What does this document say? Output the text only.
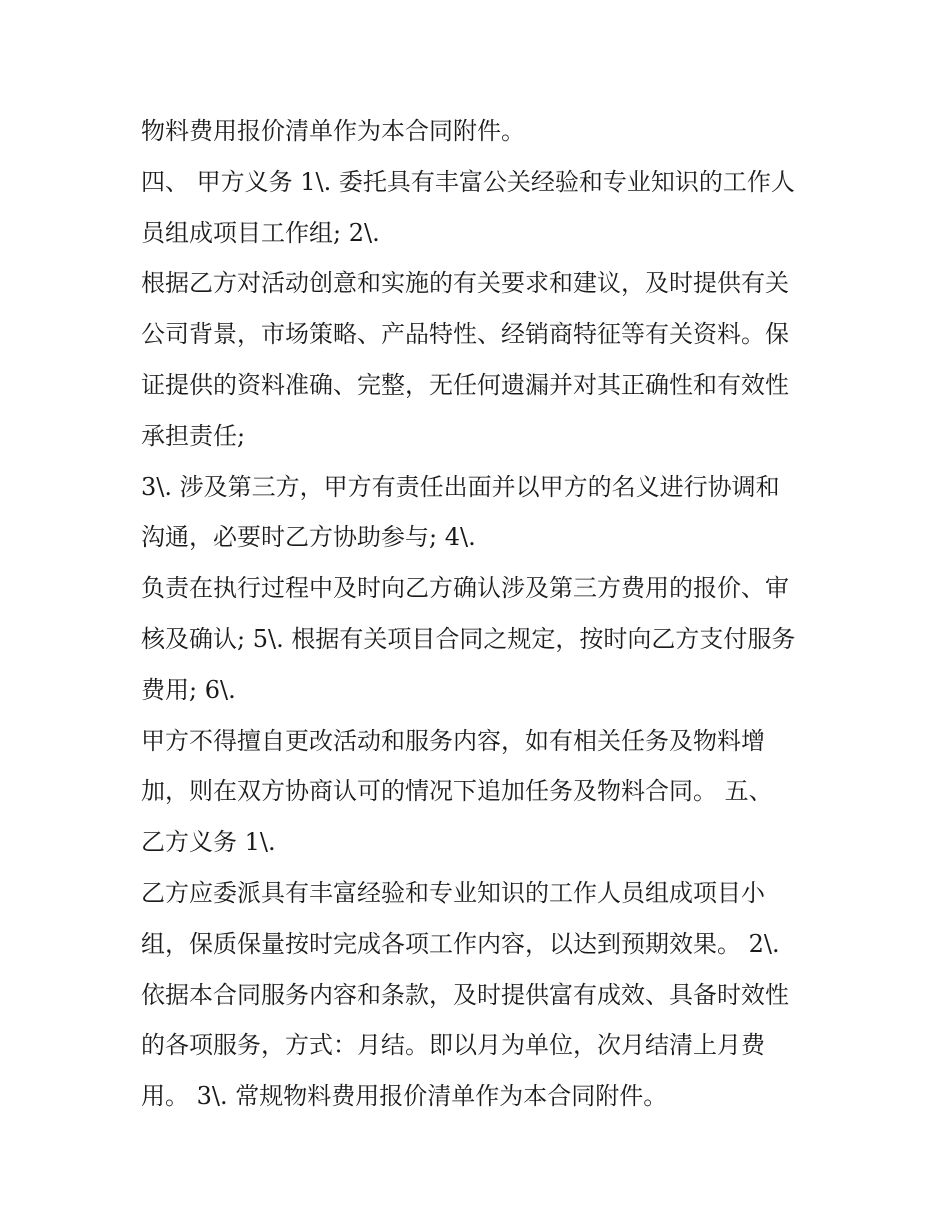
物料费用报价清单作为本合同附件。
四、 甲方义务 1\. 委托具有丰富公关经验和专业知识的工作人
员组成项目工作组; 2\.
根据乙方对活动创意和实施的有关要求和建议，及时提供有关
公司背景，市场策略、产品特性、经销商特征等有关资料。保
证提供的资料准确、完整，无任何遗漏并对其正确性和有效性
承担责任;
3\. 涉及第三方，甲方有责任出面并以甲方的名义进行协调和
沟通，必要时乙方协助参与; 4\.
负责在执行过程中及时向乙方确认涉及第三方费用的报价、审
核及确认; 5\. 根据有关项目合同之规定，按时向乙方支付服务
费用; 6\.
甲方不得擅自更改活动和服务内容，如有相关任务及物料增
加，则在双方协商认可的情况下追加任务及物料合同。 五、
乙方义务 1\.
乙方应委派具有丰富经验和专业知识的工作人员组成项目小
组，保质保量按时完成各项工作内容，以达到预期效果。 2\.
依据本合同服务内容和条款，及时提供富有成效、具备时效性
的各项服务，方式：月结。即以月为单位，次月结清上月费
用。 3\. 常规物料费用报价清单作为本合同附件。
